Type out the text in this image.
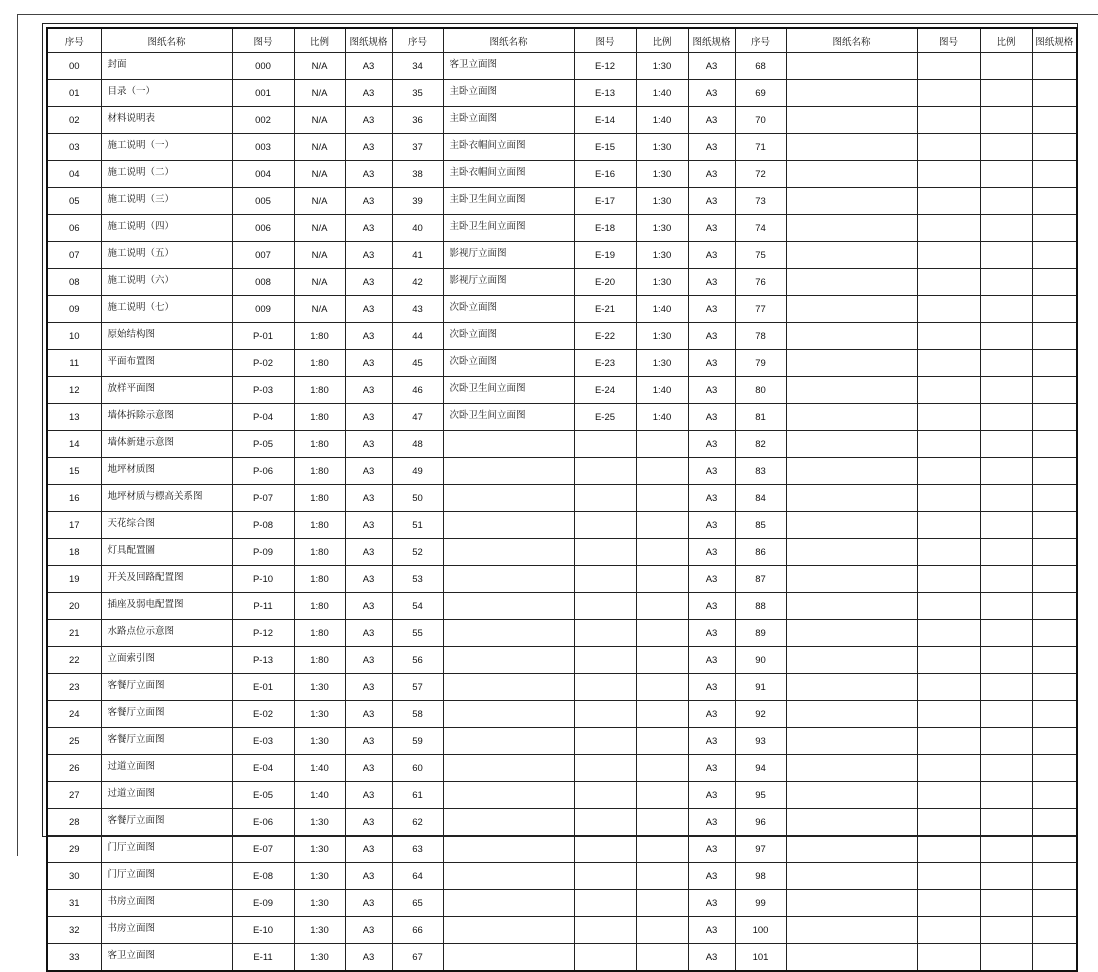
序号	图纸名称	图号	比例	图纸规格	序号	图纸名称	图号	比例	图纸规格	序号	图纸名称	图号	比例	图纸规格
00	封面	000	N/A	A3	34	客卫立面图	E-12	1:30	A3	68				
01	目录（一）	001	N/A	A3	35	主卧立面图	E-13	1:40	A3	69				
02	材料说明表	002	N/A	A3	36	主卧立面图	E-14	1:40	A3	70				
03	施工说明（一）	003	N/A	A3	37	主卧衣帽间立面图	E-15	1:30	A3	71				
04	施工说明（二）	004	N/A	A3	38	主卧衣帽间立面图	E-16	1:30	A3	72				
05	施工说明（三）	005	N/A	A3	39	主卧卫生间立面图	E-17	1:30	A3	73				
06	施工说明（四）	006	N/A	A3	40	主卧卫生间立面图	E-18	1:30	A3	74				
07	施工说明（五）	007	N/A	A3	41	影视厅立面图	E-19	1:30	A3	75				
08	施工说明（六）	008	N/A	A3	42	影视厅立面图	E-20	1:30	A3	76				
09	施工说明（七）	009	N/A	A3	43	次卧立面图	E-21	1:40	A3	77				
10	原始结构图	P-01	1:80	A3	44	次卧立面图	E-22	1:30	A3	78				
11	平面布置图	P-02	1:80	A3	45	次卧立面图	E-23	1:30	A3	79				
12	放样平面图	P-03	1:80	A3	46	次卧卫生间立面图	E-24	1:40	A3	80				
13	墙体拆除示意图	P-04	1:80	A3	47	次卧卫生间立面图	E-25	1:40	A3	81				
14	墙体新建示意图	P-05	1:80	A3	48				A3	82				
15	地坪材质图	P-06	1:80	A3	49				A3	83				
16	地坪材质与標高关系图	P-07	1:80	A3	50				A3	84				
17	天花综合图	P-08	1:80	A3	51				A3	85				
18	灯具配置圖	P-09	1:80	A3	52				A3	86				
19	开关及回路配置图	P-10	1:80	A3	53				A3	87				
20	插座及弱电配置图	P-11	1:80	A3	54				A3	88				
21	水路点位示意图	P-12	1:80	A3	55				A3	89				
22	立面索引图	P-13	1:80	A3	56				A3	90				
23	客餐厅立面图	E-01	1:30	A3	57				A3	91				
24	客餐厅立面图	E-02	1:30	A3	58				A3	92				
25	客餐厅立面图	E-03	1:30	A3	59				A3	93				
26	过道立面图	E-04	1:40	A3	60				A3	94				
27	过道立面图	E-05	1:40	A3	61				A3	95				
28	客餐厅立面图	E-06	1:30	A3	62				A3	96				
29	门厅立面图	E-07	1:30	A3	63				A3	97				
30	门厅立面图	E-08	1:30	A3	64				A3	98				
31	书房立面图	E-09	1:30	A3	65				A3	99				
32	书房立面图	E-10	1:30	A3	66				A3	100				
33	客卫立面图	E-11	1:30	A3	67				A3	101				
